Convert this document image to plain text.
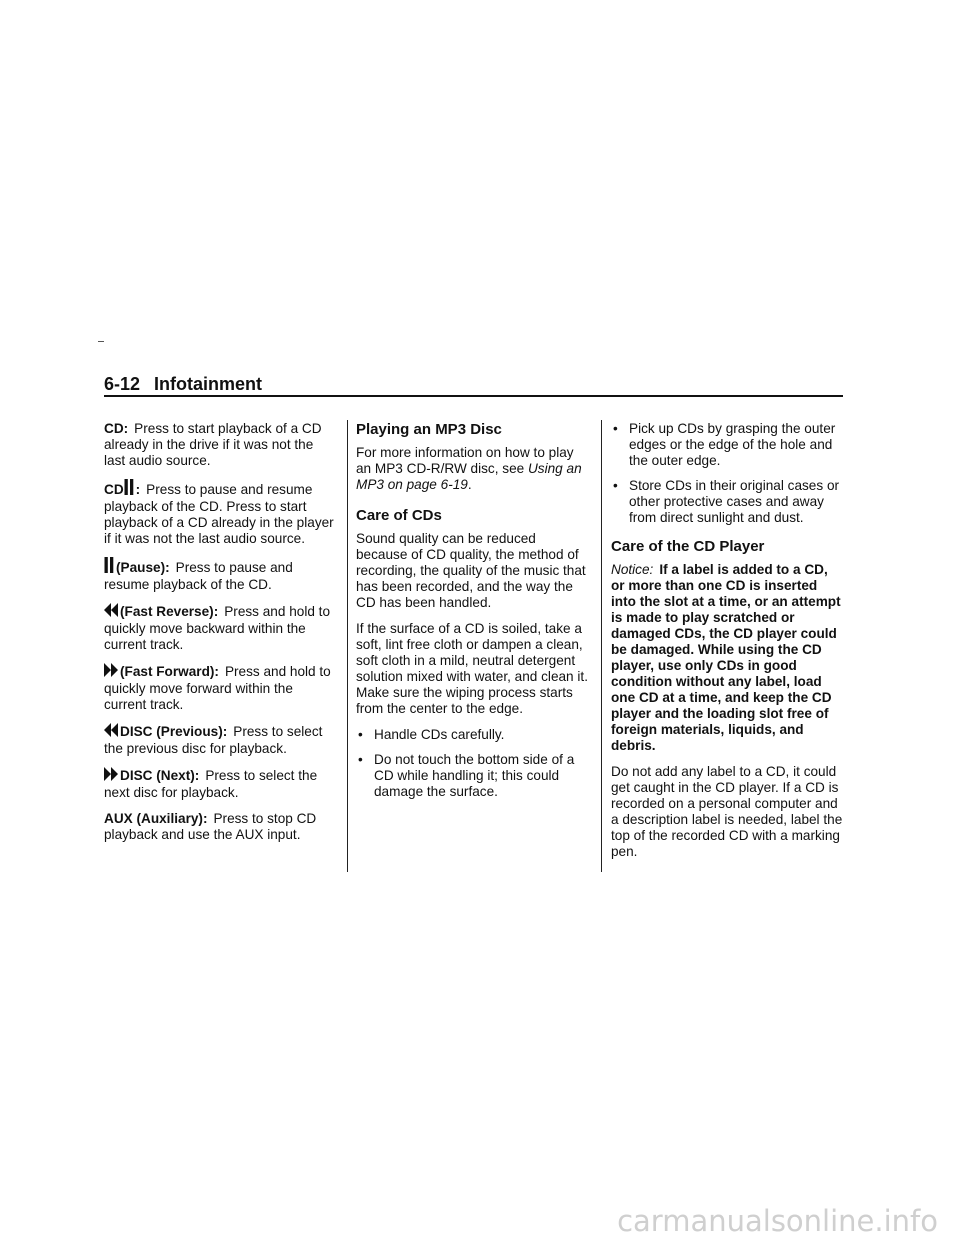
6-12 Infotainment

CD: Press to start playback of a CD already in the drive if it was not the last audio source.

CD : Press to pause and resume playback of the CD. Press to start playback of a CD already in the player if it was not the last audio source.

(Pause): Press to pause and resume playback of the CD.

(Fast Reverse): Press and hold to quickly move backward within the current track.

(Fast Forward): Press and hold to quickly move forward within the current track.

DISC (Previous): Press to select the previous disc for playback.

DISC (Next): Press to select the next disc for playback.

AUX (Auxiliary): Press to stop CD playback and use the AUX input.

Playing an MP3 Disc

For more information on how to play an MP3 CD-R/RW disc, see Using an MP3 on page 6-19.

Care of CDs

Sound quality can be reduced because of CD quality, the method of recording, the quality of the music that has been recorded, and the way the CD has been handled.

If the surface of a CD is soiled, take a soft, lint free cloth or dampen a clean, soft cloth in a mild, neutral detergent solution mixed with water, and clean it. Make sure the wiping process starts from the center to the edge.

• Handle CDs carefully.
• Do not touch the bottom side of a CD while handling it; this could damage the surface.
• Pick up CDs by grasping the outer edges or the edge of the hole and the outer edge.
• Store CDs in their original cases or other protective cases and away from direct sunlight and dust.
Care of the CD Player

Notice: If a label is added to a CD, or more than one CD is inserted into the slot at a time, or an attempt is made to play scratched or damaged CDs, the CD player could be damaged. While using the CD player, use only CDs in good condition without any label, load one CD at a time, and keep the CD player and the loading slot free of foreign materials, liquids, and debris.

Do not add any label to a CD, it could get caught in the CD player. If a CD is recorded on a personal computer and a description label is needed, label the top of the recorded CD with a marking pen.

carmanualsonline.info
